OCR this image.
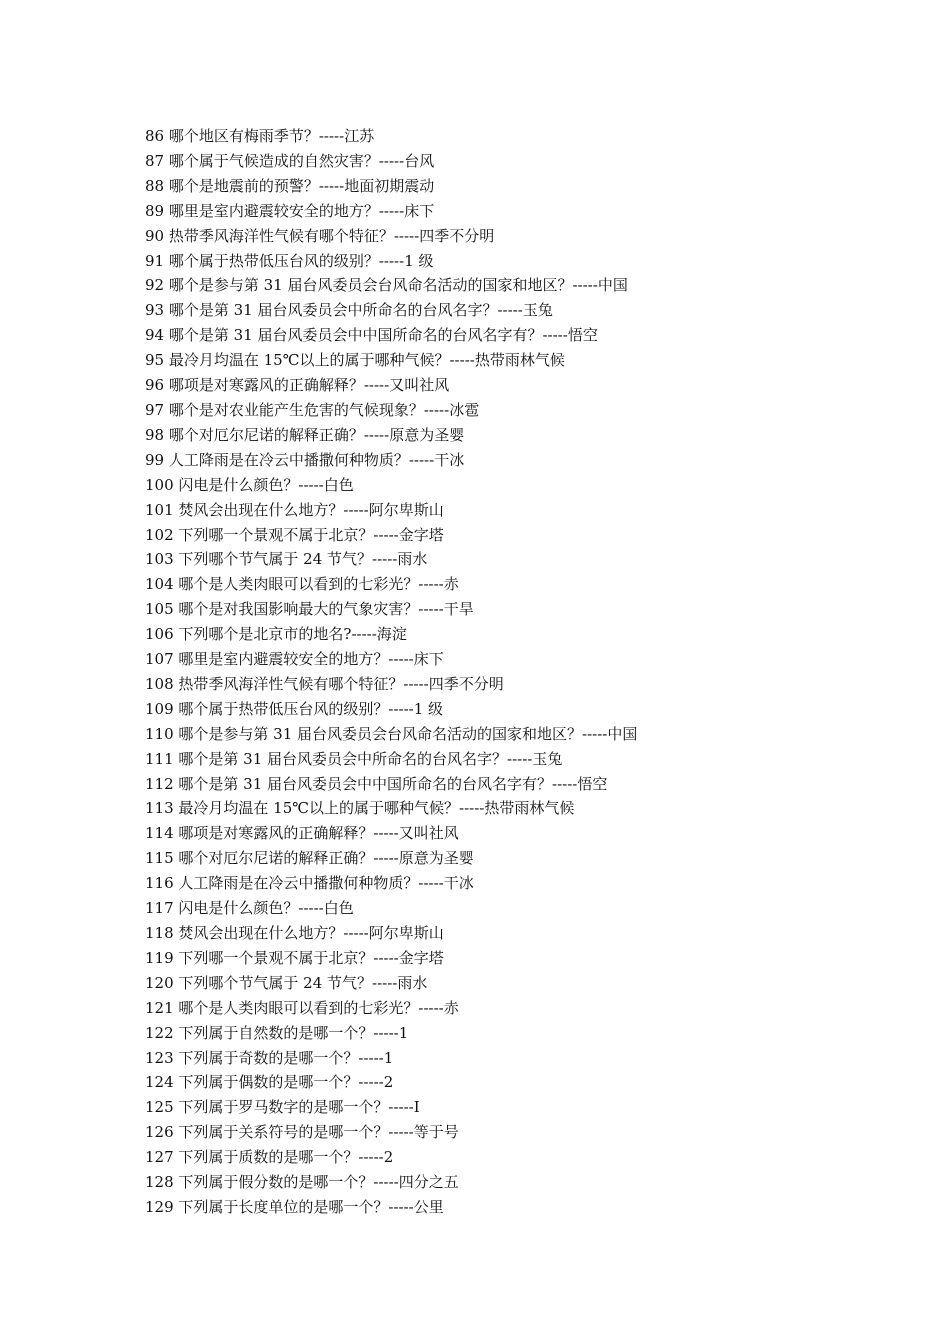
86 哪个地区有梅雨季节？-----江苏
87 哪个属于气候造成的自然灾害？-----台风
88 哪个是地震前的预警？-----地面初期震动
89 哪里是室内避震较安全的地方？-----床下
90 热带季风海洋性气候有哪个特征？-----四季不分明
91 哪个属于热带低压台风的级别？-----1 级
92 哪个是参与第 31 届台风委员会台风命名活动的国家和地区？-----中国
93 哪个是第 31 届台风委员会中所命名的台风名字？-----玉兔
94 哪个是第 31 届台风委员会中中国所命名的台风名字有？-----悟空
95 最冷月均温在 15℃以上的属于哪种气候？-----热带雨林气候
96 哪项是对寒露风的正确解释？-----又叫社风
97 哪个是对农业能产生危害的气候现象？-----冰雹
98 哪个对厄尔尼诺的解释正确？-----原意为圣婴
99 人工降雨是在冷云中播撒何种物质？-----干冰
100 闪电是什么颜色？-----白色
101 焚风会出现在什么地方？-----阿尔卑斯山
102 下列哪一个景观不属于北京？-----金字塔
103 下列哪个节气属于 24 节气？-----雨水
104 哪个是人类肉眼可以看到的七彩光？-----赤
105 哪个是对我国影响最大的气象灾害？-----干旱
106 下列哪个是北京市的地名?-----海淀
107 哪里是室内避震较安全的地方？-----床下
108 热带季风海洋性气候有哪个特征？-----四季不分明
109 哪个属于热带低压台风的级别？-----1 级
110 哪个是参与第 31 届台风委员会台风命名活动的国家和地区？-----中国
111 哪个是第 31 届台风委员会中所命名的台风名字？-----玉兔
112 哪个是第 31 届台风委员会中中国所命名的台风名字有？-----悟空
113 最冷月均温在 15℃以上的属于哪种气候？-----热带雨林气候
114 哪项是对寒露风的正确解释？-----又叫社风
115 哪个对厄尔尼诺的解释正确？-----原意为圣婴
116 人工降雨是在冷云中播撒何种物质？-----干冰
117 闪电是什么颜色？-----白色
118 焚风会出现在什么地方？-----阿尔卑斯山
119 下列哪一个景观不属于北京？-----金字塔
120 下列哪个节气属于 24 节气？-----雨水
121 哪个是人类肉眼可以看到的七彩光？-----赤
122 下列属于自然数的是哪一个？-----1
123 下列属于奇数的是哪一个？-----1
124 下列属于偶数的是哪一个？-----2
125 下列属于罗马数字的是哪一个？-----Ⅰ
126 下列属于关系符号的是哪一个？-----等于号
127 下列属于质数的是哪一个？-----2
128 下列属于假分数的是哪一个？-----四分之五
129 下列属于长度单位的是哪一个？-----公里
